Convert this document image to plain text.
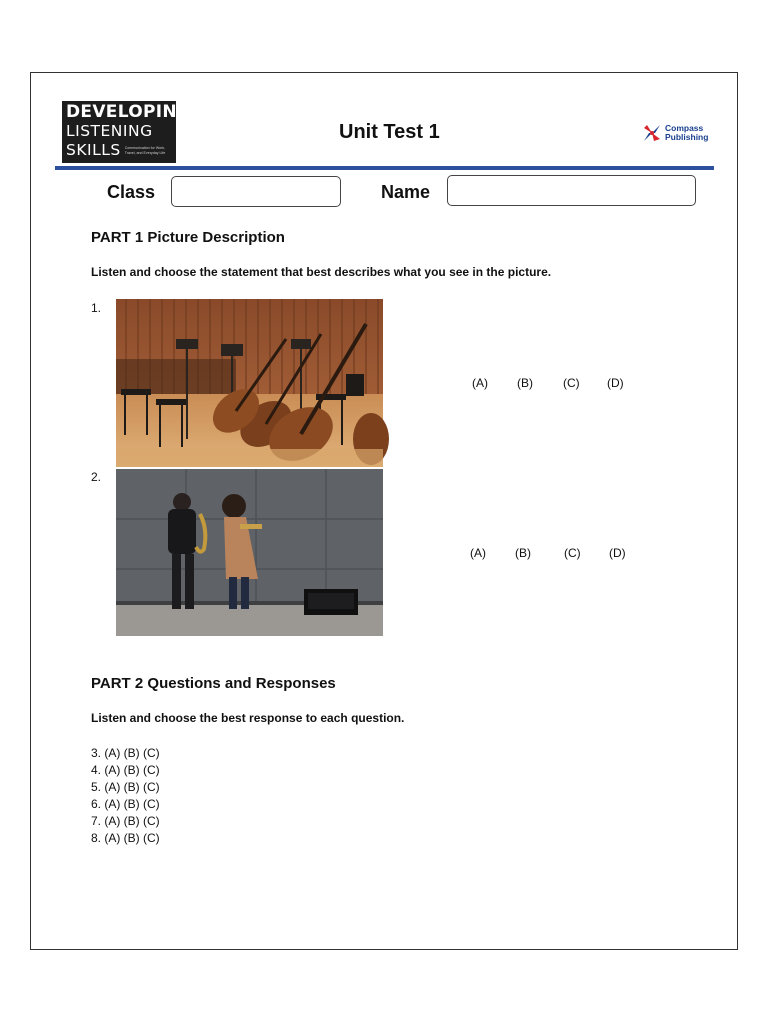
DEVELOPING
LISTENING
SKILLS Communication for Work, Travel, and Everyday Life
Unit Test 1	Compass
Publishing
Class	Name
PART 1 Picture Description
Listen and choose the statement that best describes what you see in the picture.
1.
(A)	(B)	(C)	(D)
2.
(A)	(B)	(C)	(D)
PART 2 Questions and Responses
Listen and choose the best response to each question.
3. (A) (B) (C)
4. (A) (B) (C)
5. (A) (B) (C)
6. (A) (B) (C)
7. (A) (B) (C)
8. (A) (B) (C)
